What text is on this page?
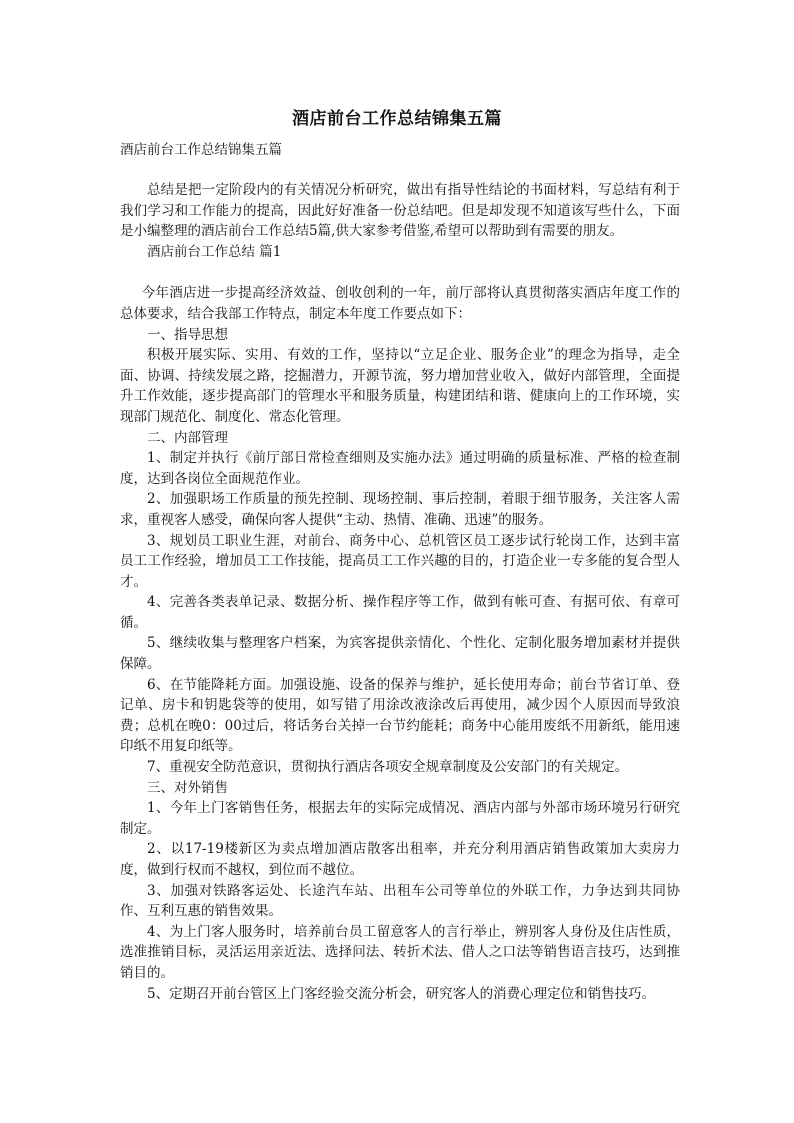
酒店前台工作总结锦集五篇
酒店前台工作总结锦集五篇

总结是把一定阶段内的有关情况分析研究，做出有指导性结论的书面材料，写总结有利于我们学习和工作能力的提高，因此好好准备一份总结吧。但是却发现不知道该写些什么，下面是小编整理的酒店前台工作总结5篇,供大家参考借鉴,希望可以帮助到有需要的朋友。

酒店前台工作总结 篇1

今年酒店进一步提高经济效益、创收创利的一年，前厅部将认真贯彻落实酒店年度工作的总体要求，结合我部工作特点，制定本年度工作要点如下：

一、指导思想

积极开展实际、实用、有效的工作，坚持以“立足企业、服务企业”的理念为指导，走全面、协调、持续发展之路，挖掘潜力，开源节流，努力增加营业收入，做好内部管理，全面提升工作效能，逐步提高部门的管理水平和服务质量，构建团结和谐、健康向上的工作环境，实现部门规范化、制度化、常态化管理。

二、内部管理

1、制定并执行《前厅部日常检查细则及实施办法》通过明确的质量标准、严格的检查制度，达到各岗位全面规范作业。

2、加强职场工作质量的预先控制、现场控制、事后控制，着眼于细节服务，关注客人需求，重视客人感受，确保向客人提供“主动、热情、准确、迅速”的服务。

3、规划员工职业生涯，对前台、商务中心、总机管区员工逐步试行轮岗工作，达到丰富员工工作经验，增加员工工作技能，提高员工工作兴趣的目的，打造企业一专多能的复合型人才。

4、完善各类表单记录、数据分析、操作程序等工作，做到有帐可查、有据可依、有章可循。

5、继续收集与整理客户档案，为宾客提供亲情化、个性化、定制化服务增加素材并提供保障。

6、在节能降耗方面。加强设施、设备的保养与维护，延长使用寿命；前台节省订单、登记单、房卡和钥匙袋等的使用，如写错了用涂改液涂改后再使用，减少因个人原因而导致浪费；总机在晚0：00过后，将话务台关掉一台节约能耗；商务中心能用废纸不用新纸，能用速印纸不用复印纸等。

7、重视安全防范意识，贯彻执行酒店各项安全规章制度及公安部门的有关规定。

三、对外销售

1、今年上门客销售任务，根据去年的实际完成情况、酒店内部与外部市场环境另行研究制定。

2、以17-19楼新区为卖点增加酒店散客出租率，并充分利用酒店销售政策加大卖房力度，做到行权而不越权，到位而不越位。

3、加强对铁路客运处、长途汽车站、出租车公司等单位的外联工作，力争达到共同协作、互利互惠的销售效果。

4、为上门客人服务时，培养前台员工留意客人的言行举止，辨别客人身份及住店性质，选准推销目标，灵活运用亲近法、选择问法、转折术法、借人之口法等销售语言技巧，达到推销目的。

5、定期召开前台管区上门客经验交流分析会，研究客人的消费心理定位和销售技巧。
